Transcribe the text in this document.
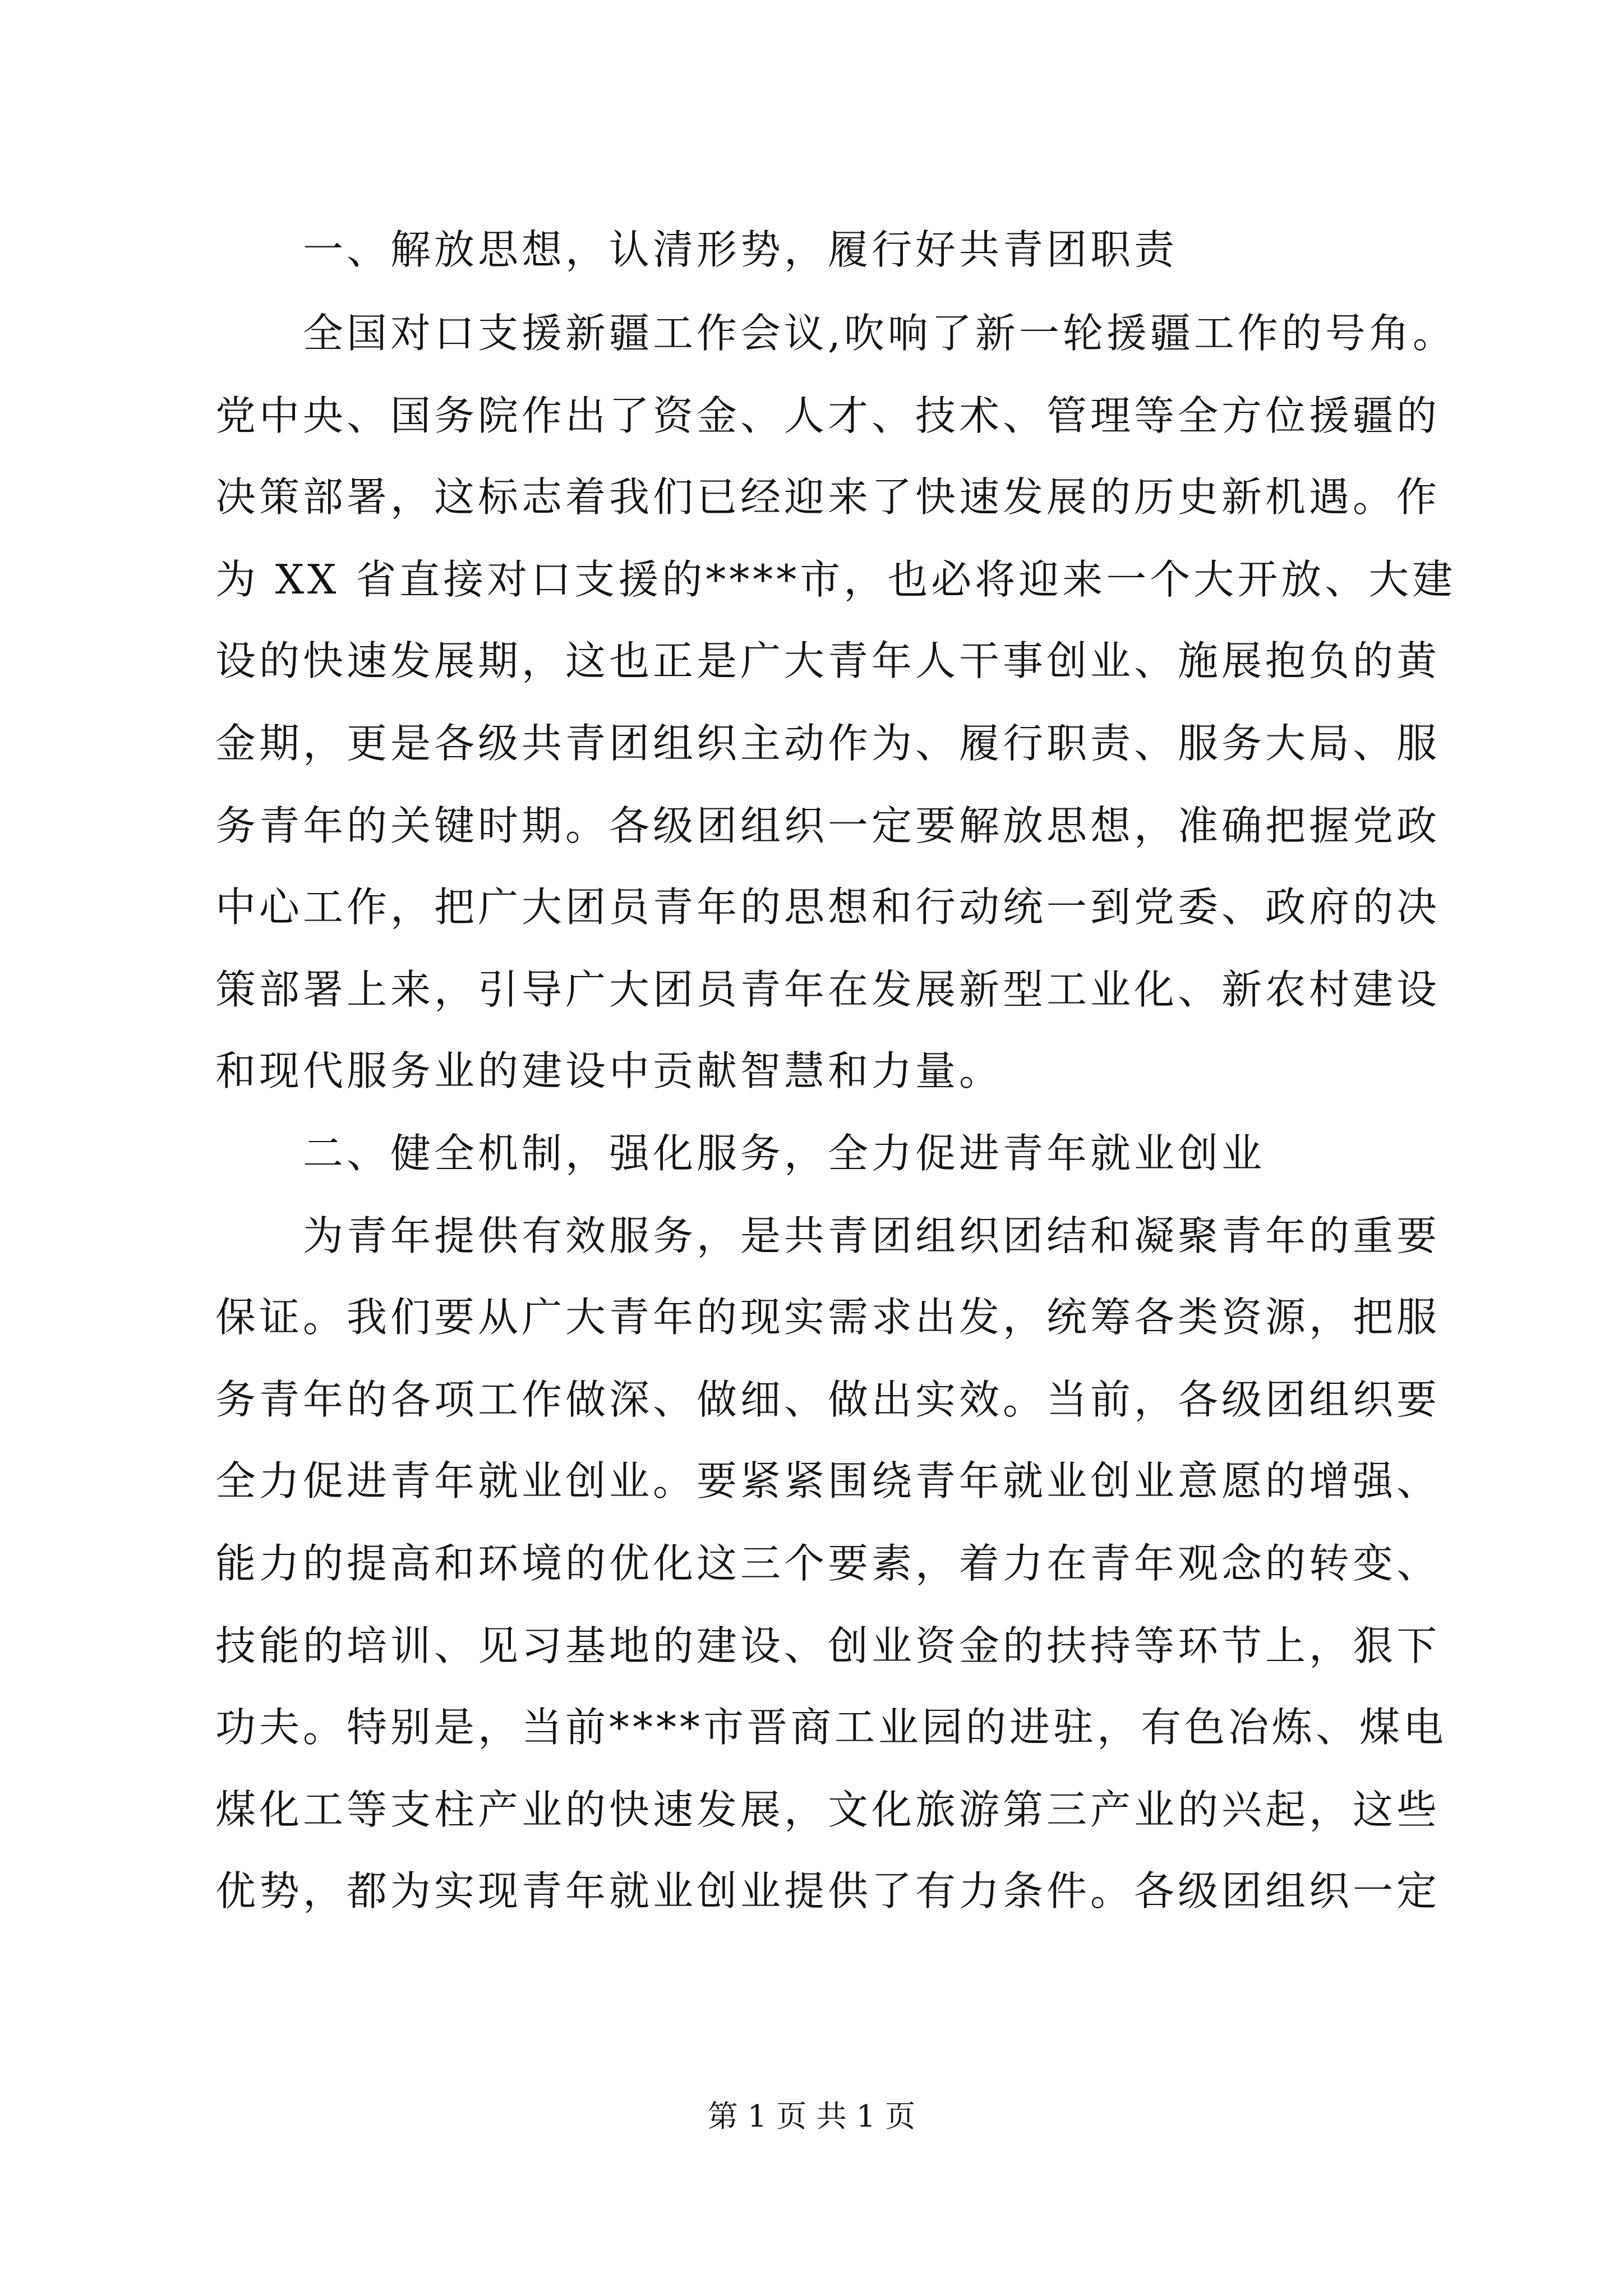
一、解放思想，认清形势，履行好共青团职责
全国对口支援新疆工作会议,吹响了新一轮援疆工作的号角。
党中央、国务院作出了资金、人才、技术、管理等全方位援疆的
决策部署，这标志着我们已经迎来了快速发展的历史新机遇。作
为 XX 省直接对口支援的****市，也必将迎来一个大开放、大建
设的快速发展期，这也正是广大青年人干事创业、施展抱负的黄
金期，更是各级共青团组织主动作为、履行职责、服务大局、服
务青年的关键时期。各级团组织一定要解放思想，准确把握党政
中心工作，把广大团员青年的思想和行动统一到党委、政府的决
策部署上来，引导广大团员青年在发展新型工业化、新农村建设
和现代服务业的建设中贡献智慧和力量。
二、健全机制，强化服务，全力促进青年就业创业
为青年提供有效服务，是共青团组织团结和凝聚青年的重要
保证。我们要从广大青年的现实需求出发，统筹各类资源，把服
务青年的各项工作做深、做细、做出实效。当前，各级团组织要
全力促进青年就业创业。要紧紧围绕青年就业创业意愿的增强、
能力的提高和环境的优化这三个要素，着力在青年观念的转变、
技能的培训、见习基地的建设、创业资金的扶持等环节上，狠下
功夫。特别是，当前****市晋商工业园的进驻，有色冶炼、煤电
煤化工等支柱产业的快速发展，文化旅游第三产业的兴起，这些
优势，都为实现青年就业创业提供了有力条件。各级团组织一定
第 1 页 共 1 页
